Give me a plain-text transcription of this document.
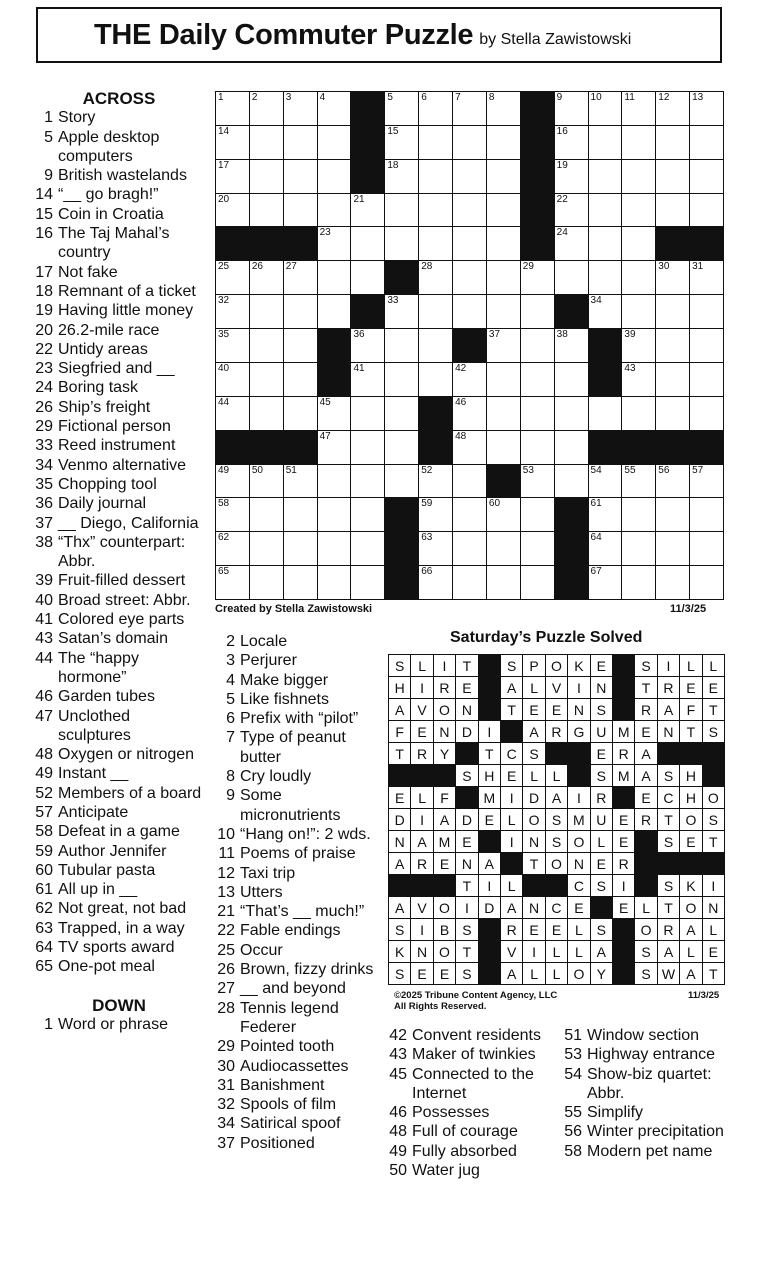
THE Daily Commuter Puzzle by Stella Zawistowski
ACROSS
1 Story
5 Apple desktop computers
9 British wastelands
14 “__ go bragh!”
15 Coin in Croatia
16 The Taj Mahal’s country
17 Not fake
18 Remnant of a ticket
19 Having little money
20 26.2-mile race
22 Untidy areas
23 Siegfried and __
24 Boring task
26 Ship’s freight
29 Fictional person
33 Reed instrument
34 Venmo alternative
35 Chopping tool
36 Daily journal
37 __ Diego, California
38 “Thx” counterpart: Abbr.
39 Fruit-filled dessert
40 Broad street: Abbr.
41 Colored eye parts
43 Satan’s domain
44 The “happy hormone”
46 Garden tubes
47 Unclothed sculptures
48 Oxygen or nitrogen
49 Instant __
52 Members of a board
57 Anticipate
58 Defeat in a game
59 Author Jennifer
60 Tubular pasta
61 All up in __
62 Not great, not bad
63 Trapped, in a way
64 TV sports award
65 One-pot meal
DOWN
1 Word or phrase
1	2	3	4	5	6	7	8	9	10 11 12 13
14	15	16
17	18	19
20	21	22
23	24
25 26 27	28	29	30 31
32	33	34
35	36	37	38	39
40	41	42	43
44	45	46
47	48
49 50 51	52	53	54 55 56 57
58	59	60	61
62	63	64
65	66	67
Created by Stella Zawistowski	11/3/25
2 Locale
3 Perjurer
4 Make bigger
5 Like fishnets
6 Prefix with “pilot”
7 Type of peanut butter
8 Cry loudly
9 Some micronutrients
10 “Hang on!”: 2 wds.
11 Poems of praise
12 Taxi trip
13 Utters
21 “That’s __ much!”
22 Fable endings
25 Occur
26 Brown, fizzy drinks
27 __ and beyond
28 Tennis legend Federer
29 Pointed tooth
30 Audiocassettes
31 Banishment
32 Spools of film
34 Satirical spoof
37 Positioned
Saturday’s Puzzle Solved
S L	I	T	S P O K E	S	I	L	L
H	I	R E	A L V	I	N	T R E E
A V O N	T E E N S	R A F T
F E N D	I	A R G U M E N T S
T R Y	T C S	E R A
S H E L	L	S M A S H
E L	F	M	I	D A	I	R	E C H O
D	I	A D E L O S M U E R T O S
N A M E	I	N S O L E	S E T
A R E N A	T O N E R
T	I	L	C S	I	S K	I
A V O	I	D A N C E	E L	T O N
S	I	B S	R E E L S	O R A L
K N O T	V	I	L	L A	S A L E
S E E S	A L	L O Y	S W A T
©2025 Tribune Content Agency, LLC
All Rights Reserved.
11/3/25
42 Convent residents
43 Maker of twinkies
45 Connected to the Internet
46 Possesses
48 Full of courage
49 Fully absorbed
50 Water jug
51 Window section
53 Highway entrance
54 Show-biz quartet: Abbr.
55 Simplify
56 Winter precipitation
58 Modern pet name
